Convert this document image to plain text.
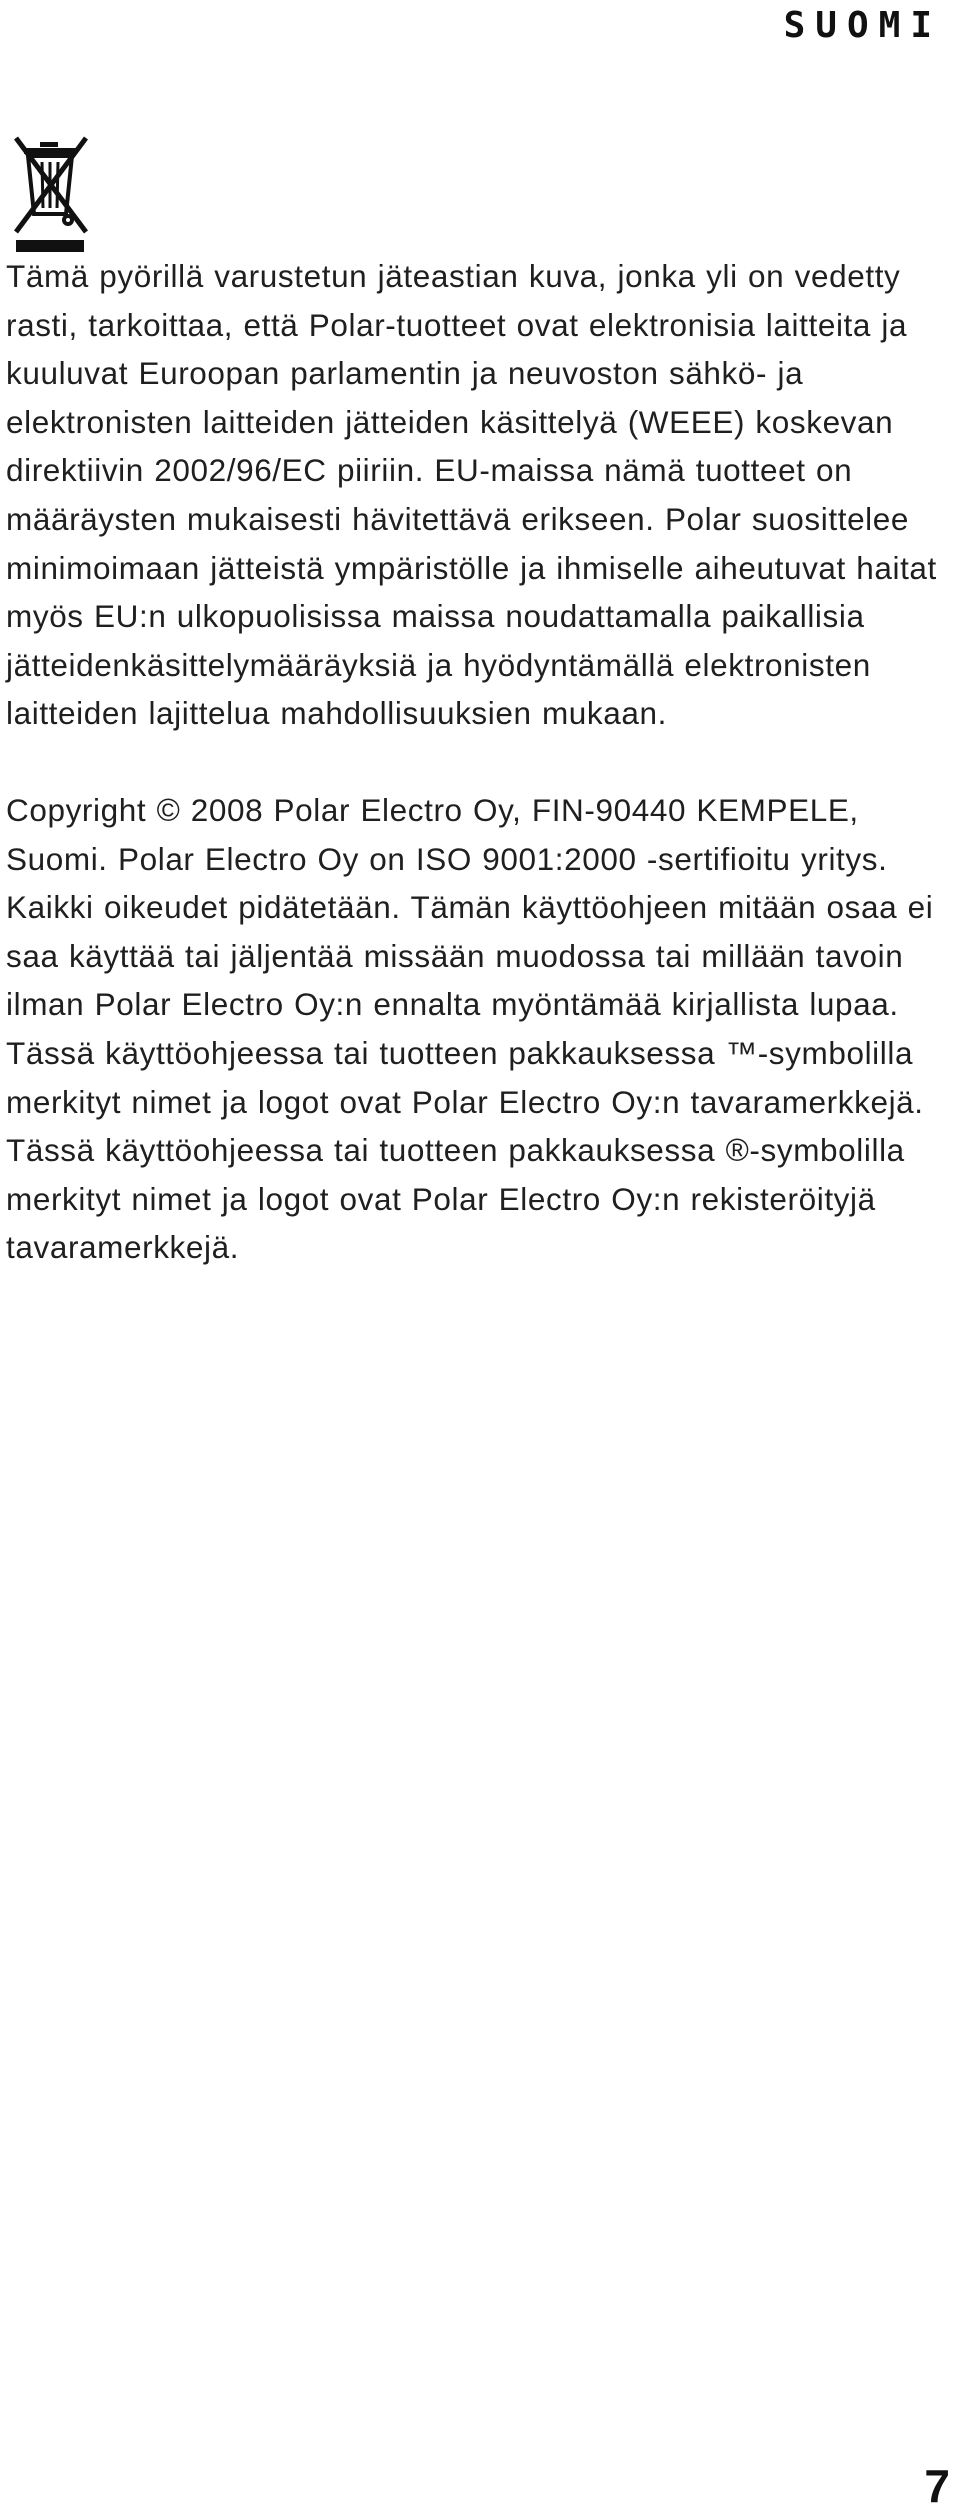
SUOMI

Tämä pyörillä varustetun jäteastian kuva, jonka yli on vedetty rasti, tarkoittaa, että Polar-tuotteet ovat elektronisia laitteita ja kuuluvat Euroopan parlamentin ja neuvoston sähkö- ja elektronisten laitteiden jätteiden käsittelyä (WEEE) koskevan direktiivin 2002/96/EC piiriin. EU-maissa nämä tuotteet on määräysten mukaisesti hävitettävä erikseen. Polar suosittelee minimoimaan jätteistä ympäristölle ja ihmiselle aiheutuvat haitat myös EU:n ulkopuolisissa maissa noudattamalla paikallisia jätteidenkäsittelymääräyksiä ja hyödyntämällä elektronisten laitteiden lajittelua mahdollisuuksien mukaan.

Copyright © 2008 Polar Electro Oy, FIN-90440 KEMPELE, Suomi. Polar Electro Oy on ISO 9001:2000 -sertifioitu yritys. Kaikki oikeudet pidätetään. Tämän käyttöohjeen mitään osaa ei saa käyttää tai jäljentää missään muodossa tai millään tavoin ilman Polar Electro Oy:n ennalta myöntämää kirjallista lupaa. Tässä käyttöohjeessa tai tuotteen pakkauksessa ™-symbolilla merkityt nimet ja logot ovat Polar Electro Oy:n tavaramerkkejä. Tässä käyttöohjeessa tai tuotteen pakkauksessa ®-symbolilla merkityt nimet ja logot ovat Polar Electro Oy:n rekisteröityjä tavaramerkkejä.

7
